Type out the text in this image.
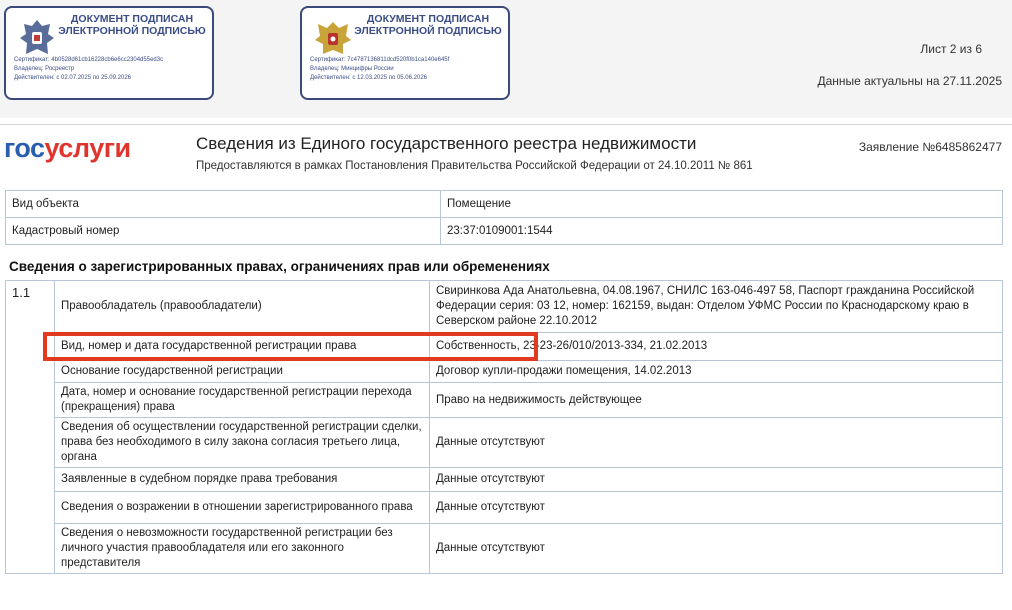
ДОКУМЕНТ ПОДПИСАН ЭЛЕКТРОННОЙ ПОДПИСЬЮ
Сертификат: 4b0528d61cb16228cb6e6cc2304d55ed3c
Владелец: Росреестр
Действителен: с 02.07.2025 по 25.09.2026
ДОКУМЕНТ ПОДПИСАН ЭЛЕКТРОННОЙ ПОДПИСЬЮ
Сертификат: 7c4787136811dcd520f0b1ca140e645f
Владелец: Минцифры России
Действителен: с 12.03.2025 по 05.06.2026
Лист 2 из 6
Данные актуальны на 27.11.2025
госуслуги	Сведения из Единого государственного реестра недвижимости
Предоставляются в рамках Постановления Правительства Российской Федерации от 24.10.2011 № 861
Заявление №6485862477
Вид объекта	Помещение
Кадастровый номер	23:37:0109001:1544
Сведения о зарегистрированных правах, ограничениях прав или обременениях
1.1	Правообладатель (правообладатели)	Свиринкова Ада Анатольевна, 04.08.1967, СНИЛС 163-046-497 58, Паспорт гражданина Российской Федерации серия: 03 12, номер: 162159, выдан: Отделом УФМС России по Краснодарскому краю в Северском районе 22.10.2012
	Вид, номер и дата государственной регистрации права	Собственность, 23-23-26/010/2013-334, 21.02.2013
	Основание государственной регистрации	Договор купли-продажи помещения, 14.02.2013
	Дата, номер и основание государственной регистрации перехода (прекращения) права	Право на недвижимость действующее
	Сведения об осуществлении государственной регистрации сделки, права без необходимого в силу закона согласия третьего лица, органа	Данные отсутствуют
	Заявленные в судебном порядке права требования	Данные отсутствуют
	Сведения о возражении в отношении зарегистрированного права	Данные отсутствуют
	Сведения о невозможности государственной регистрации без личного участия правообладателя или его законного представителя	Данные отсутствуют
